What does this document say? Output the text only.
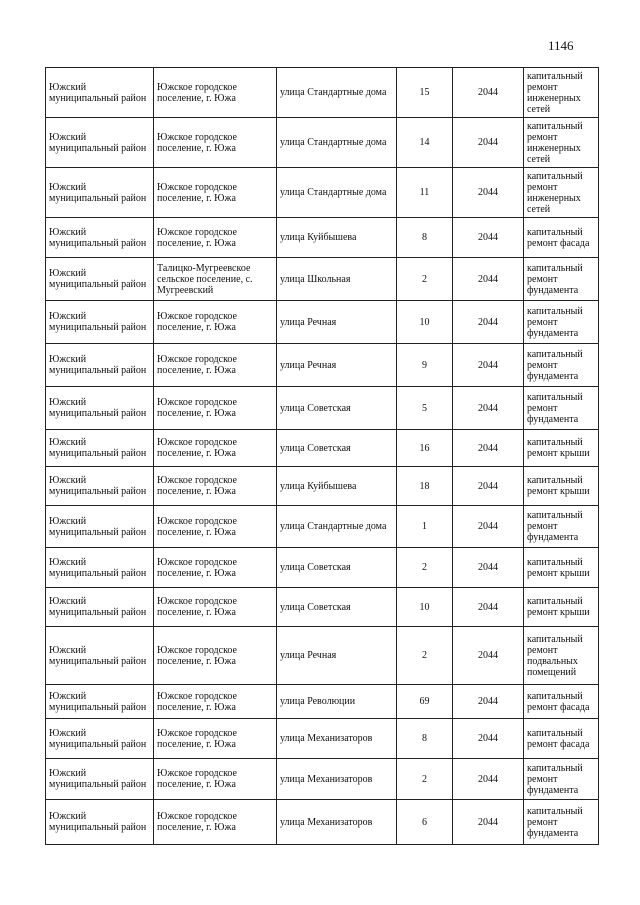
1146
Южский муниципальный район	Южское городское поселение, г. Южа	улица Стандартные дома	15	2044	капитальный ремонт инженерных сетей
Южский муниципальный район	Южское городское поселение, г. Южа	улица Стандартные дома	14	2044	капитальный ремонт инженерных сетей
Южский муниципальный район	Южское городское поселение, г. Южа	улица Стандартные дома	11	2044	капитальный ремонт инженерных сетей
Южский муниципальный район	Южское городское поселение, г. Южа	улица Куйбышева	8	2044	капитальный ремонт фасада
Южский муниципальный район	Талицко-Мугреевское сельское поселение, с. Мугреевский	улица Школьная	2	2044	капитальный ремонт фундамента
Южский муниципальный район	Южское городское поселение, г. Южа	улица Речная	10	2044	капитальный ремонт фундамента
Южский муниципальный район	Южское городское поселение, г. Южа	улица Речная	9	2044	капитальный ремонт фундамента
Южский муниципальный район	Южское городское поселение, г. Южа	улица Советская	5	2044	капитальный ремонт фундамента
Южский муниципальный район	Южское городское поселение, г. Южа	улица Советская	16	2044	капитальный ремонт крыши
Южский муниципальный район	Южское городское поселение, г. Южа	улица Куйбышева	18	2044	капитальный ремонт крыши
Южский муниципальный район	Южское городское поселение, г. Южа	улица Стандартные дома	1	2044	капитальный ремонт фундамента
Южский муниципальный район	Южское городское поселение, г. Южа	улица Советская	2	2044	капитальный ремонт крыши
Южский муниципальный район	Южское городское поселение, г. Южа	улица Советская	10	2044	капитальный ремонт крыши
Южский муниципальный район	Южское городское поселение, г. Южа	улица Речная	2	2044	капитальный ремонт подвальных помещений
Южский муниципальный район	Южское городское поселение, г. Южа	улица Революции	69	2044	капитальный ремонт фасада
Южский муниципальный район	Южское городское поселение, г. Южа	улица Механизаторов	8	2044	капитальный ремонт фасада
Южский муниципальный район	Южское городское поселение, г. Южа	улица Механизаторов	2	2044	капитальный ремонт фундамента
Южский муниципальный район	Южское городское поселение, г. Южа	улица Механизаторов	6	2044	капитальный ремонт фундамента
